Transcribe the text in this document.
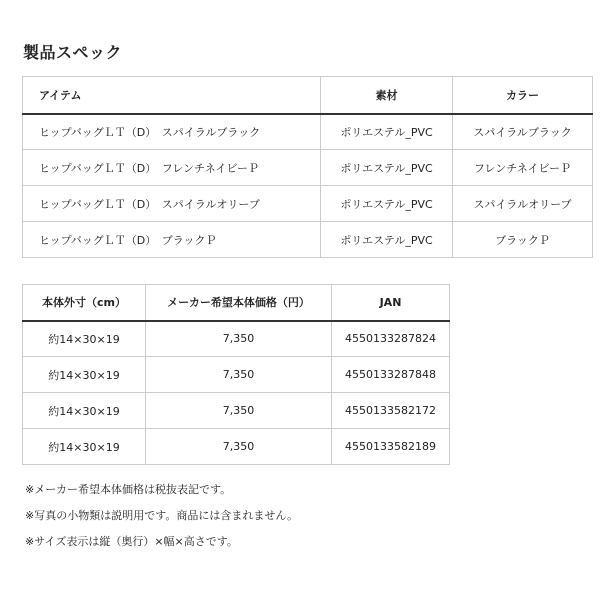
製品スペック
アイテム	素材	カラー
ヒップバッグＬＴ（D）　スパイラルブラック	ポリエステル_PVC	スパイラルブラック
ヒップバッグＬＴ（D）　フレンチネイビーＰ	ポリエステル_PVC	フレンチネイビーＰ
ヒップバッグＬＴ（D）　スパイラルオリーブ	ポリエステル_PVC	スパイラルオリーブ
ヒップバッグＬＴ（D）　ブラックＰ	ポリエステル_PVC	ブラックＰ
本体外寸（cm）	メーカー希望本体価格（円）	JAN
約14×30×19	7,350	4550133287824
約14×30×19	7,350	4550133287848
約14×30×19	7,350	4550133582172
約14×30×19	7,350	4550133582189
※メーカー希望本体価格は税抜表記です。
※写真の小物類は説明用です。商品には含まれません。
※サイズ表示は縦（奥行）×幅×高さです。
